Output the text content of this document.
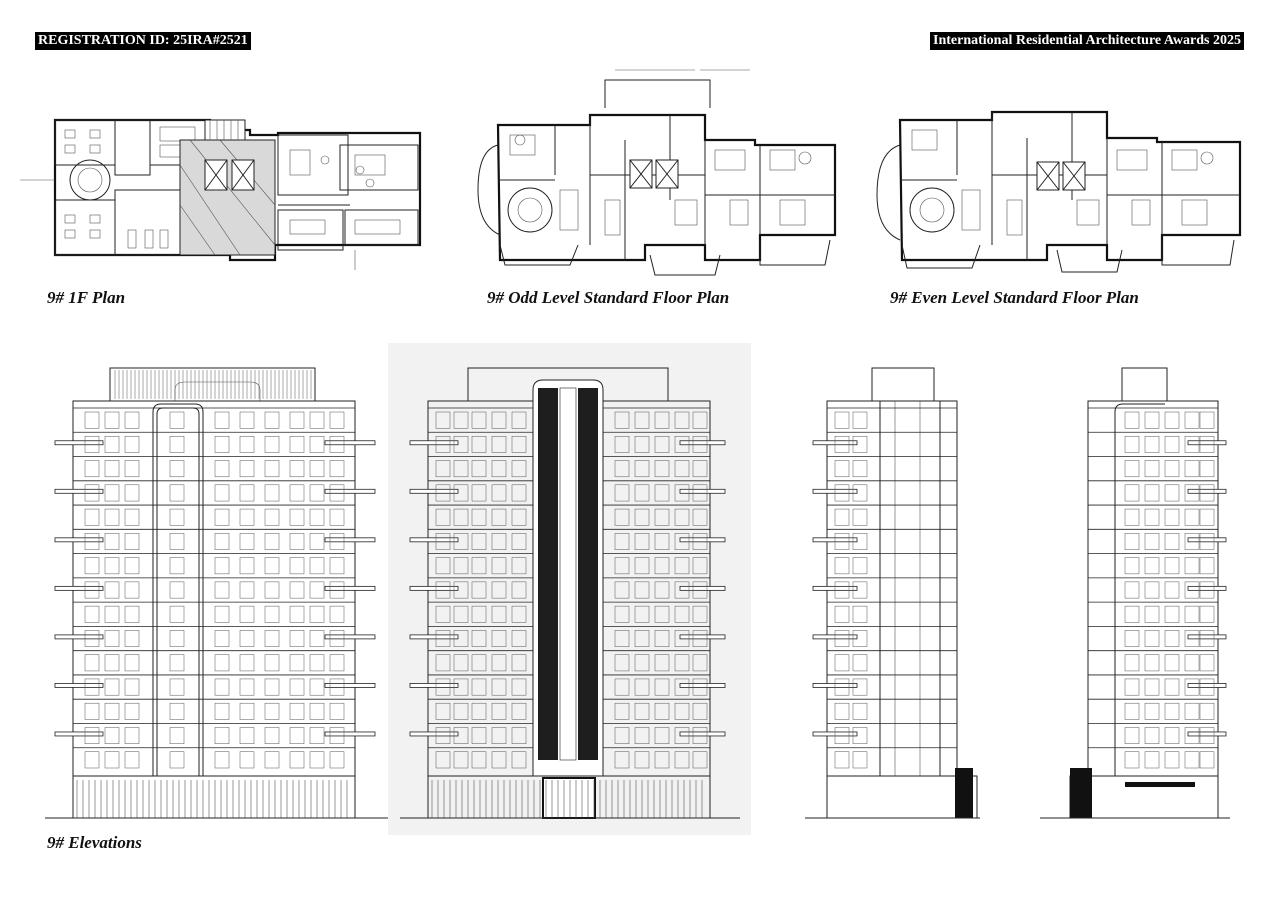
REGISTRATION ID: 25IRA#2521	International Residential Architecture Awards 2025
9# 1F Plan	9# Odd Level Standard Floor Plan	9# Even Level Standard Floor Plan
9# Elevations
